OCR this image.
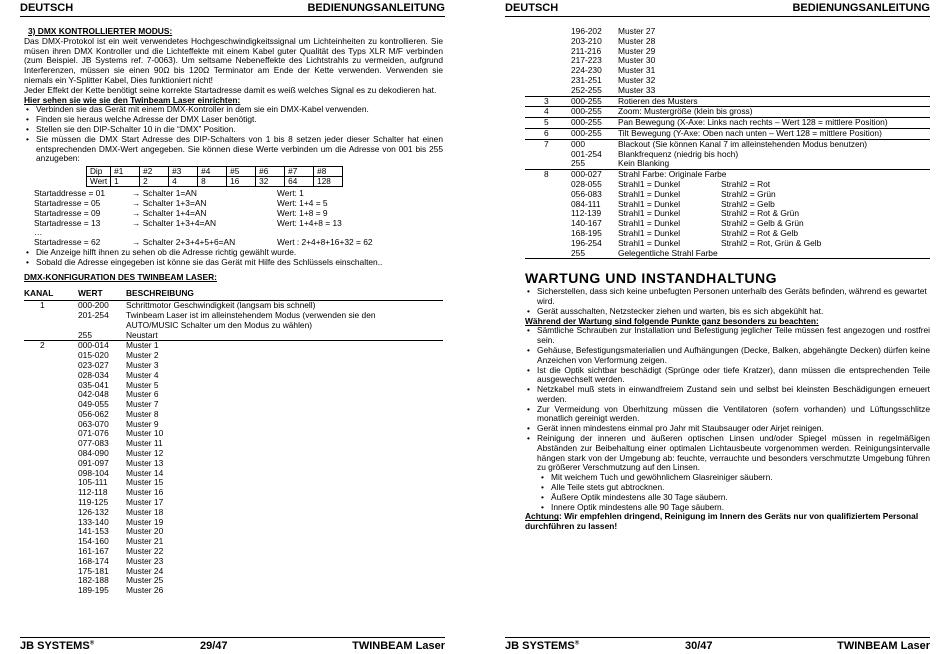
DEUTSCH	BEDIENUNGSANLEITUNG

3) DMX KONTROLLIERTER MODUS:

Das DMX-Protokol ist ein weit verwendetes Hochgeschwindigkeitssignal um Lichteinheiten zu kontrollieren. Sie müsen ihren DMX Kontroller und die Lichteffekte mit einem Kabel guter Qualität des Typs XLR M/F verbinden (zum Beispiel. JB Systems ref. 7-0063). Um seltsame Nebeneffekte des Lichtstrahls zu vermeiden, aufgrund Interferenzen, müssen sie einen 90Ω bis 120Ω Terminator am Ende der Kette verwenden. Verwenden sie niemals ein Y-Splitter Kabel, Dies funktioniert nicht!

Jeder Effekt der Kette benötigt seine korrekte Startadresse damit es weiß welches Signal es zu dekodieren hat.

Hier sehen sie wie sie den Twinbeam Laser einrichten:

• Verbinden sie das Gerät mit einem DMX-Kontroller in dem sie ein DMX-Kabel verwenden.
• Finden sie heraus welche Adresse der DMX Laser benötigt.
• Stellen sie den DIP-Schalter 10 in die “DMX” Position.
• Sie müssen die DMX Start Adresse des DIP-Schalters von 1 bis 8 setzen jeder dieser Schalter hat einen entsprechenden DMX-Wert angegeben. Sie können diese Werte verbinden um die Adresse von 001 bis 255 anzugeben:
Dip	#1	#2	#3	#4	#5	#6	#7	#8
Wert	1	2	4	8	16	32	64	128
Startaddresse = 01	→ Schalter 1=AN	Wert: 1
Startadresse = 05	→ Schalter 1+3=AN	Wert: 1+4 = 5
Startadresse = 09	→ Schalter 1+4=AN	Wert: 1+8 = 9
Startadresse = 13	→ Schalter 1+3+4=AN	Wert: 1+4+8 = 13
…
Startadresse = 62	→ Schalter 2+3+4+5+6=AN	Wert : 2+4+8+16+32 = 62
• Die Anzeige hilft ihnen zu sehen ob die Adresse richtig gewählt wurde.
• Sobald die Adresse eingegeben ist könne sie das Gerät mit Hilfe des Schlüssels einschalten..

DMX-KONFIGURATION DES TWINBEAM LASER:

KANAL	WERT	BESCHREIBUNG
1	000-200 Schrittmotor Geschwindigkeit (langsam bis schnell)
201-254 Twinbeam Laser ist im alleinstehendem Modus (verwenden sie den
AUTO/MUSIC Schalter um den Modus zu wählen)
255	Neustart
2	000-014 Muster 1
015-020 Muster 2
023-027 Muster 3
028-034 Muster 4
035-041 Muster 5
042-048 Muster 6
049-055 Muster 7
056-062 Muster 8
063-070 Muster 9
071-076 Muster 10
077-083 Muster 11
084-090 Muster 12
091-097 Muster 13
098-104 Muster 14
105-111 Muster 15
112-118 Muster 16
119-125 Muster 17
126-132 Muster 18
133-140 Muster 19
141-153 Muster 20
154-160 Muster 21
161-167 Muster 22
168-174 Muster 23
175-181 Muster 24
182-188 Muster 25
189-195 Muster 26
JB SYSTEMS®	29/47	TWINBEAM Laser
DEUTSCH	BEDIENUNGSANLEITUNG
196-202 Muster 27
203-210 Muster 28
211-216 Muster 29
217-223 Muster 30
224-230 Muster 31
231-251 Muster 32
252-255 Muster 33
3	000-255 Rotieren des Musters
4	000-255 Zoom: Mustergröße (klein bis gross)
5	000-255 Pan Bewegung (X-Axe: Links nach rechts – Wert 128 = mittlere Position)
6	000-255 Tilt Bewegung (Y-Axe: Oben nach unten – Wert 128 = mittlere Position)
7	000	Blackout (Sie können Kanal 7 im alleinstehenden Modus benutzen)
001-254 Blankfrequenz (niedrig bis hoch)
255	Kein Blanking
8	000-027 Strahl Farbe: Originale Farbe
028-055 Strahl1 = Dunkel	Strahl2 = Rot
056-083 Strahl1 = Dunkel	Strahl2 = Grün
084-111 Strahl1 = Dunkel	Strahl2 = Gelb
112-139 Strahl1 = Dunkel	Strahl2 = Rot & Grün
140-167 Strahl1 = Dunkel	Strahl2 = Gelb & Grün
168-195 Strahl1 = Dunkel	Strahl2 = Rot & Gelb
196-254 Strahl1 = Dunkel	Strahl2 = Rot, Grün & Gelb
255	Gelegentliche Strahl Farbe
WARTUNG UND INSTANDHALTUNG
• Sicherstellen, dass sich keine unbefugten Personen unterhalb des Geräts befinden, während es gewartet wird.
• Gerät ausschalten, Netzstecker ziehen und warten, bis es sich abgekühlt hat.

Während der Wartung sind folgende Punkte ganz besonders zu beachten:

• Sämtliche Schrauben zur Installation und Befestigung jeglicher Teile müssen fest angezogen und rostfrei sein.
• Gehäuse, Befestigungsmaterialien und Aufhängungen (Decke, Balken, abgehängte Decken) dürfen keine Anzeichen von Verformung zeigen.
• Ist die Optik sichtbar beschädigt (Sprünge oder tiefe Kratzer), dann müssen die entsprechenden Teile ausgewechselt werden.
• Netzkabel muß stets in einwandfreiem Zustand sein und selbst bei kleinsten Beschädigungen erneuert werden.
• Zur Vermeidung von Überhitzung müssen die Ventilatoren (sofern vorhanden) und Lüftungsschlitze monatlich gereinigt werden.
• Gerät innen mindestens einmal pro Jahr mit Staubsauger oder Airjet reinigen.
• Reinigung der inneren und äußeren optischen Linsen und/oder Spiegel müssen in regelmäßigen Abständen zur Beibehaltung einer optimalen Lichtausbeute vorgenommen werden. Reinigungsintervalle hängen stark von der Umgebung ab: feuchte, verrauchte und besonders verschmutzte Umgebung führen zu größerer Verschmutzung auf den Linsen.
• Mit weichem Tuch und gewöhnlichem Glasreiniger säubern.
• Alle Teile stets gut abtrocknen.
• Äußere Optik mindestens alle 30 Tage säubern.
• Innere Optik mindestens alle 90 Tage säubern.

Achtung: Wir empfehlen dringend, Reinigung im Innern des Geräts nur von qualifiziertem Personal durchführen zu lassen!

JB SYSTEMS®	30/47	TWINBEAM Laser
